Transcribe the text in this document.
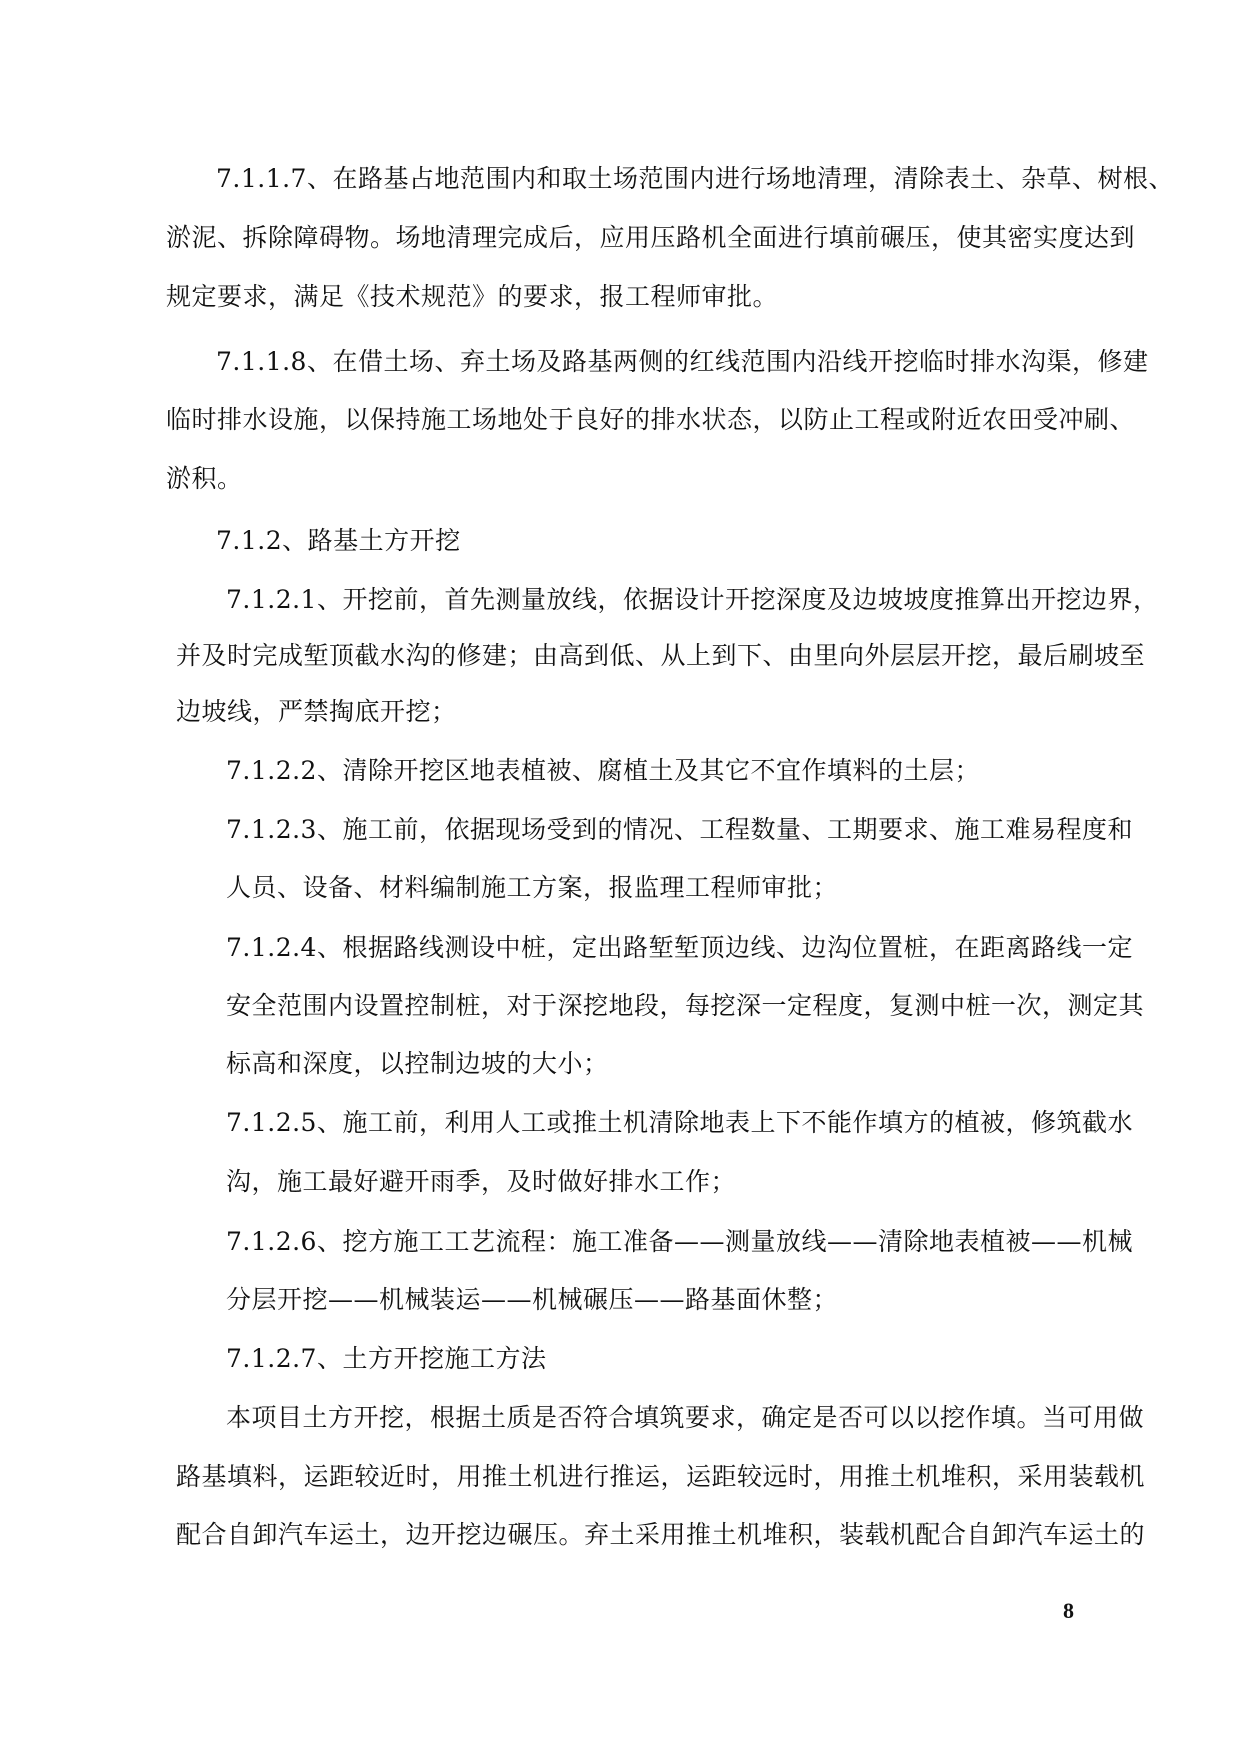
7.1.1.7、在路基占地范围内和取土场范围内进行场地清理，清除表土、杂草、树根、
淤泥、拆除障碍物。场地清理完成后，应用压路机全面进行填前碾压，使其密实度达到
规定要求，满足《技术规范》的要求，报工程师审批。
7.1.1.8、在借土场、弃土场及路基两侧的红线范围内沿线开挖临时排水沟渠，修建
临时排水设施，以保持施工场地处于良好的排水状态，以防止工程或附近农田受冲刷、
淤积。
7.1.2、路基土方开挖
7.1.2.1、开挖前，首先测量放线，依据设计开挖深度及边坡坡度推算出开挖边界，
并及时完成堑顶截水沟的修建；由高到低、从上到下、由里向外层层开挖，最后刷坡至
边坡线，严禁掏底开挖；
7.1.2.2、清除开挖区地表植被、腐植土及其它不宜作填料的土层；
7.1.2.3、施工前，依据现场受到的情况、工程数量、工期要求、施工难易程度和
人员、设备、材料编制施工方案，报监理工程师审批；
7.1.2.4、根据路线测设中桩，定出路堑堑顶边线、边沟位置桩，在距离路线一定
安全范围内设置控制桩，对于深挖地段，每挖深一定程度，复测中桩一次，测定其
标高和深度，以控制边坡的大小；
7.1.2.5、施工前，利用人工或推土机清除地表上下不能作填方的植被，修筑截水
沟，施工最好避开雨季，及时做好排水工作；
7.1.2.6、挖方施工工艺流程：施工准备——测量放线——清除地表植被——机械
分层开挖——机械装运——机械碾压——路基面休整；
7.1.2.7、土方开挖施工方法
本项目土方开挖，根据土质是否符合填筑要求，确定是否可以以挖作填。当可用做
路基填料，运距较近时，用推土机进行推运，运距较远时，用推土机堆积，采用装载机
配合自卸汽车运土，边开挖边碾压。弃土采用推土机堆积，装载机配合自卸汽车运土的
8
